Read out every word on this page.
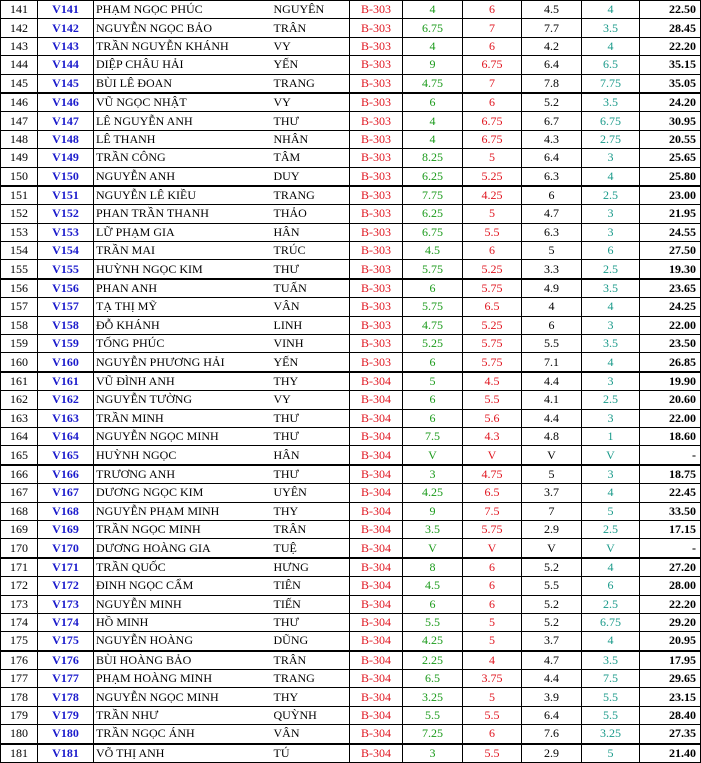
141	V141	PHẠM NGỌC PHÚC	NGUYÊN	B-303	4	6	4.5	4	22.50
142	V142	NGUYỄN NGỌC BẢO	TRÂN	B-303	6.75	7	7.7	3.5	28.45
143	V143	TRẦN NGUYỄN KHÁNH	VY	B-303	4	6	4.2	4	22.20
144	V144	DIỆP CHÂU HẢI	YẾN	B-303	9	6.75	6.4	6.5	35.15
145	V145	BÙI LÊ ĐOAN	TRANG	B-303	4.75	7	7.8	7.75	35.05
146	V146	VŨ NGỌC NHẬT	VY	B-303	6	6	5.2	3.5	24.20
147	V147	LÊ NGUYỄN ANH	THƯ	B-303	4	6.75	6.7	6.75	30.95
148	V148	LÊ THANH	NHÂN	B-303	4	6.75	4.3	2.75	20.55
149	V149	TRẦN CÔNG	TÂM	B-303	8.25	5	6.4	3	25.65
150	V150	NGUYỄN ANH	DUY	B-303	6.25	5.25	6.3	4	25.80
151	V151	NGUYỄN LÊ KIỀU	TRANG	B-303	7.75	4.25	6	2.5	23.00
152	V152	PHAN TRẦN THANH	THẢO	B-303	6.25	5	4.7	3	21.95
153	V153	LỮ PHẠM GIA	HÂN	B-303	6.75	5.5	6.3	3	24.55
154	V154	TRẦN MAI	TRÚC	B-303	4.5	6	5	6	27.50
155	V155	HUỲNH NGỌC KIM	THƯ	B-303	5.75	5.25	3.3	2.5	19.30
156	V156	PHAN ANH	TUẤN	B-303	6	5.75	4.9	3.5	23.65
157	V157	TẠ THỊ MỸ	VÂN	B-303	5.75	6.5	4	4	24.25
158	V158	ĐỖ KHÁNH	LINH	B-303	4.75	5.25	6	3	22.00
159	V159	TỐNG PHÚC	VINH	B-303	5.25	5.75	5.5	3.5	23.50
160	V160	NGUYỄN PHƯƠNG HẢI	YẾN	B-303	6	5.75	7.1	4	26.85
161	V161	VŨ ĐÌNH ANH	THY	B-304	5	4.5	4.4	3	19.90
162	V162	NGUYỄN TƯỜNG	VY	B-304	6	5.5	4.1	2.5	20.60
163	V163	TRẦN MINH	THƯ	B-304	6	5.6	4.4	3	22.00
164	V164	NGUYỄN NGỌC MINH	THƯ	B-304	7.5	4.3	4.8	1	18.60
165	V165	HUỲNH NGỌC	HÂN	B-304	V	V	V	V	-
166	V166	TRƯƠNG ANH	THƯ	B-304	3	4.75	5	3	18.75
167	V167	DƯƠNG NGỌC KIM	UYÊN	B-304	4.25	6.5	3.7	4	22.45
168	V168	NGUYỄN PHẠM MINH	THY	B-304	9	7.5	7	5	33.50
169	V169	TRẦN NGỌC MINH	TRÂN	B-304	3.5	5.75	2.9	2.5	17.15
170	V170	DƯƠNG HOÀNG GIA	TUỆ	B-304	V	V	V	V	-
171	V171	TRẦN QUỐC	HƯNG	B-304	8	6	5.2	4	27.20
172	V172	ĐINH NGỌC CẨM	TIÊN	B-304	4.5	6	5.5	6	28.00
173	V173	NGUYỄN MINH	TIẾN	B-304	6	6	5.2	2.5	22.20
174	V174	HỒ MINH	THƯ	B-304	5.5	5	5.2	6.75	29.20
175	V175	NGUYỄN HOÀNG	DŨNG	B-304	4.25	5	3.7	4	20.95
176	V176	BÙI HOÀNG BẢO	TRÂN	B-304	2.25	4	4.7	3.5	17.95
177	V177	PHẠM HOÀNG MINH	TRANG	B-304	6.5	3.75	4.4	7.5	29.65
178	V178	NGUYỄN NGỌC MINH	THY	B-304	3.25	5	3.9	5.5	23.15
179	V179	TRẦN NHƯ	QUỲNH	B-304	5.5	5.5	6.4	5.5	28.40
180	V180	TRẦN NGỌC ÁNH	VÂN	B-304	7.25	6	7.6	3.25	27.35
181	V181	VÕ THỊ ANH	TÚ	B-304	3	5.5	2.9	5	21.40
